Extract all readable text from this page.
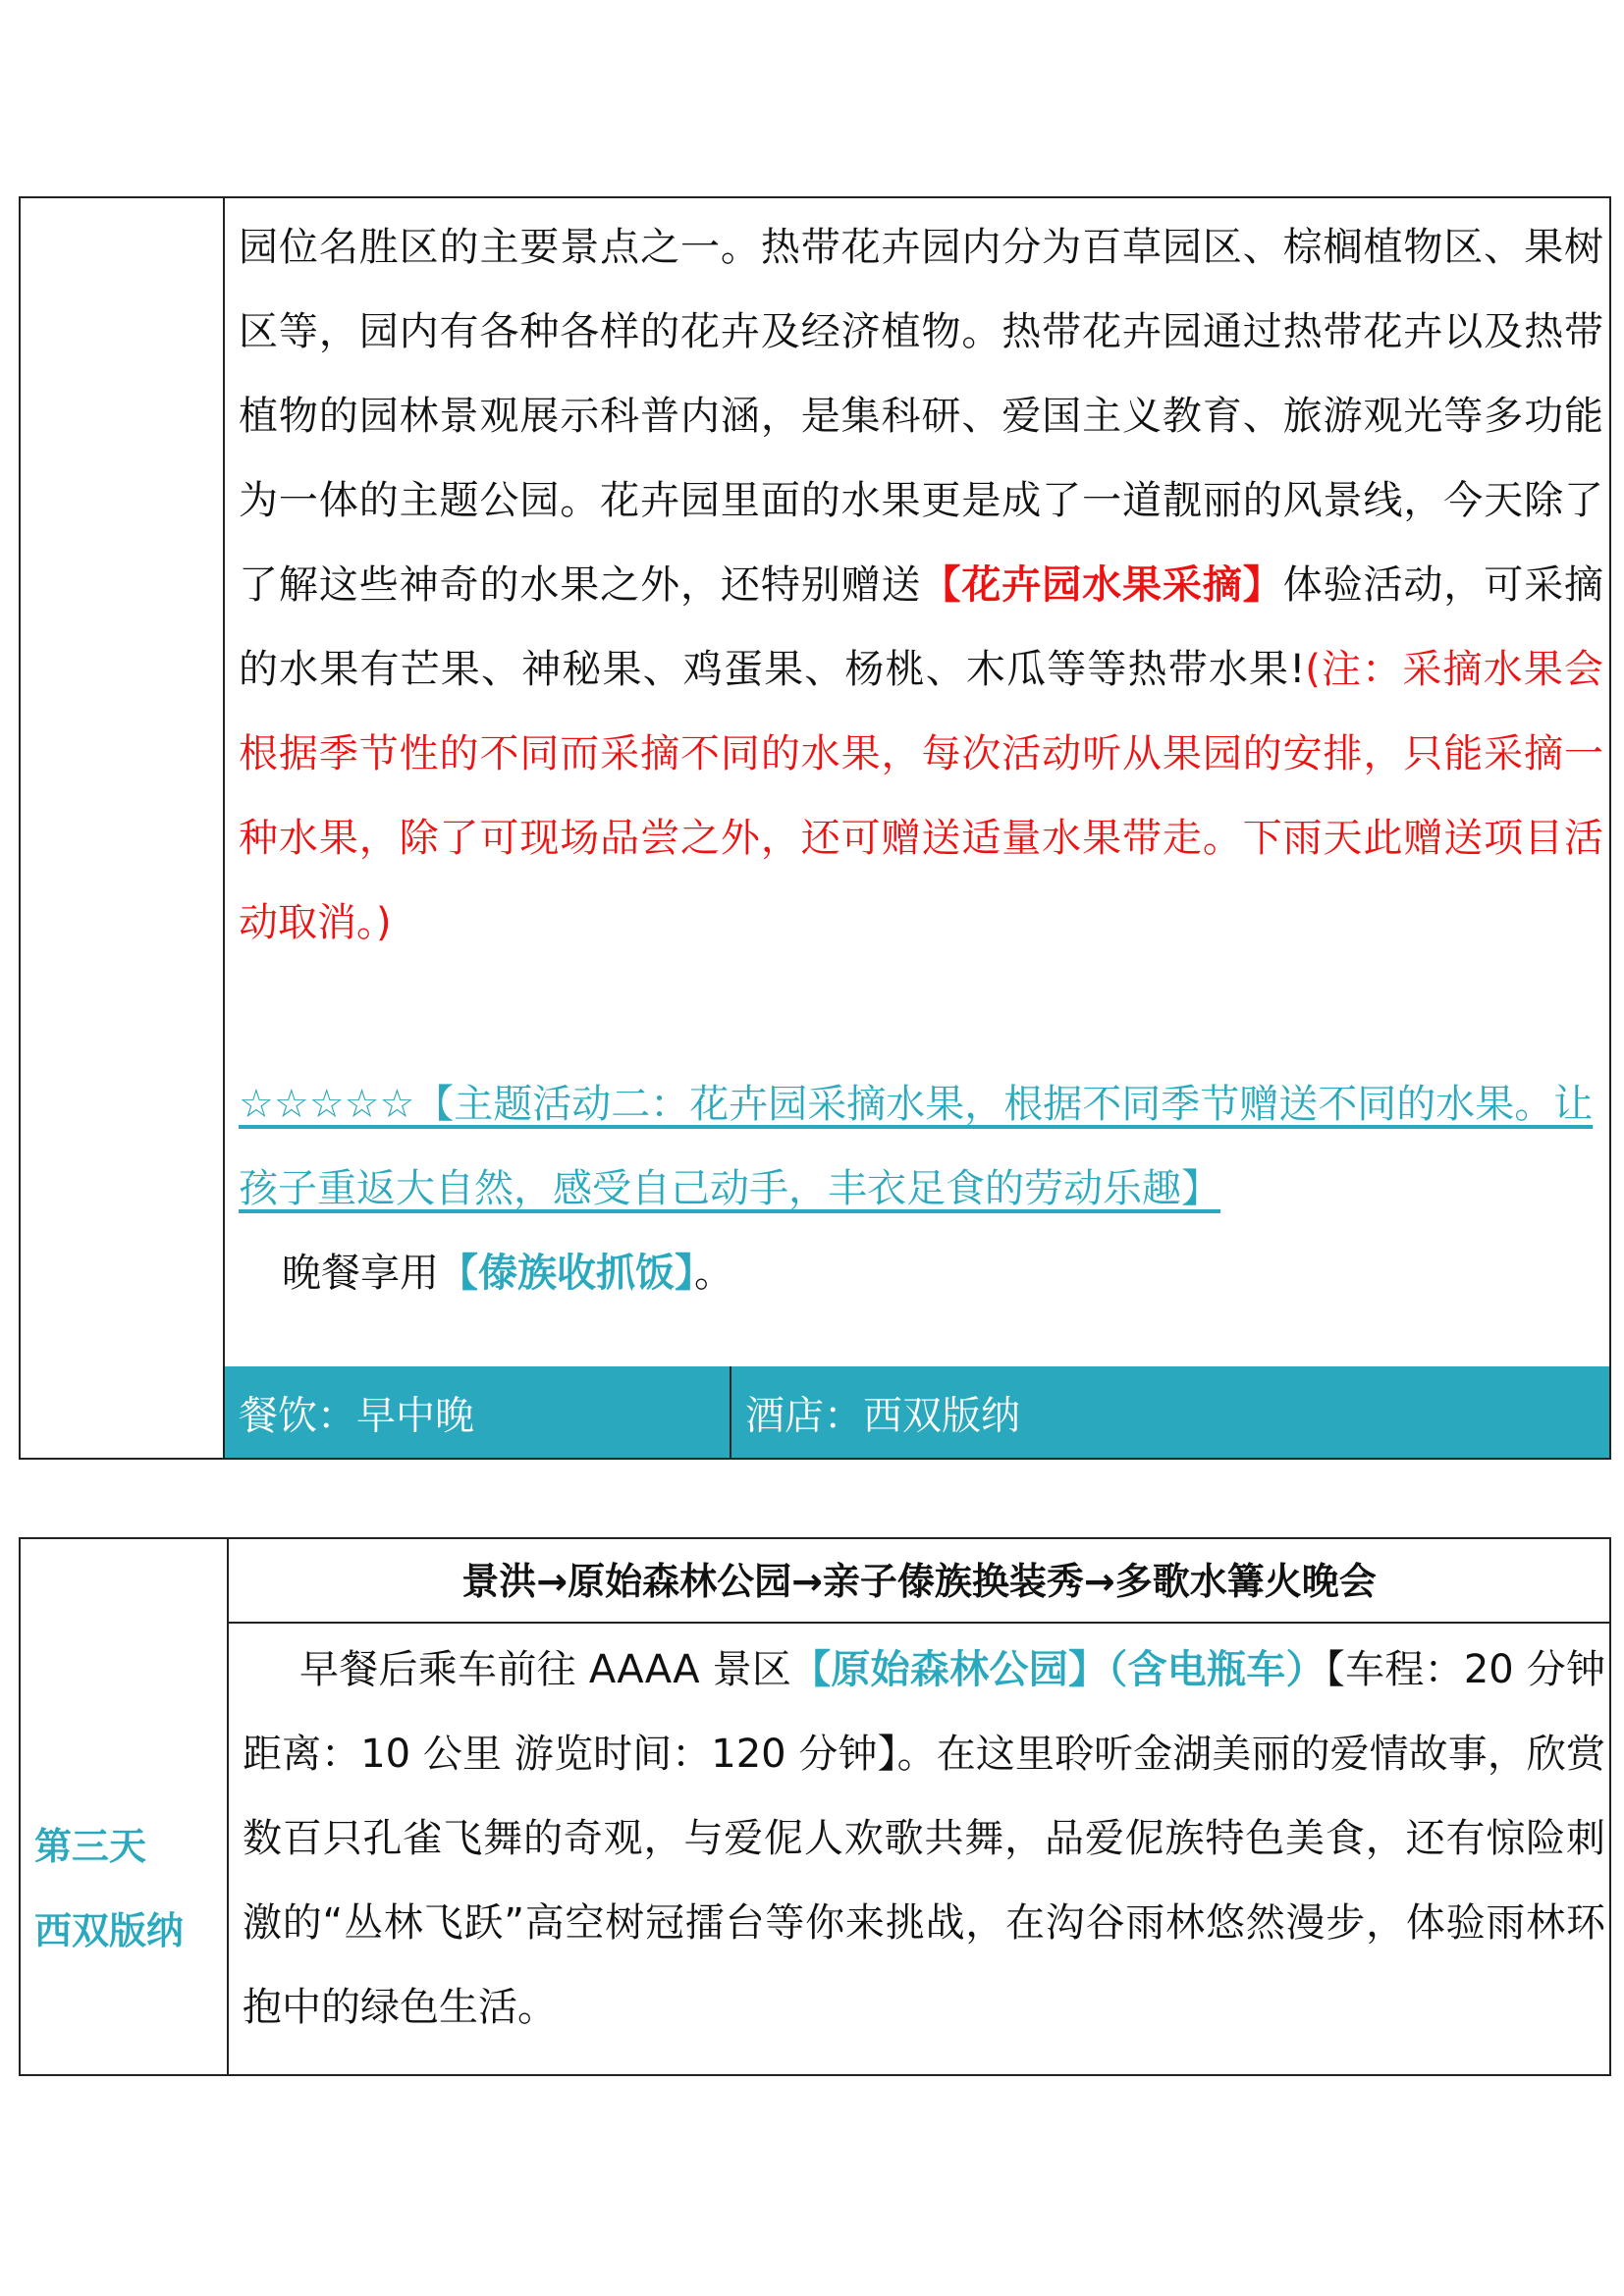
园位名胜区的主要景点之一。热带花卉园内分为百草园区、棕榈植物区、果树区等，园内有各种各样的花卉及经济植物。热带花卉园通过热带花卉以及热带植物的园林景观展示科普内涵，是集科研、爱国主义教育、旅游观光等多功能为一体的主题公园。花卉园里面的水果更是成了一道靓丽的风景线，今天除了了解这些神奇的水果之外，还特别赠送【花卉园水果采摘】体验活动，可采摘的水果有芒果、神秘果、鸡蛋果、杨桃、木瓜等等热带水果!(注：采摘水果会根据季节性的不同而采摘不同的水果，每次活动听从果园的安排，只能采摘一种水果，除了可现场品尝之外，还可赠送适量水果带走。下雨天此赠送项目活动取消。)
☆☆☆☆☆【主题活动二：花卉园采摘水果，根据不同季节赠送不同的水果。让孩子重返大自然，感受自己动手，丰衣足食的劳动乐趣】
晚餐享用【傣族收抓饭】。
餐饮：早中晚	酒店：西双版纳
第三天
西双版纳
景洪→原始森林公园→亲子傣族换装秀→多歌水篝火晚会
早餐后乘车前往 AAAA 景区【原始森林公园】（含电瓶车）【车程：20 分钟 距离：10 公里 游览时间：120 分钟】。在这里聆听金湖美丽的爱情故事，欣赏数百只孔雀飞舞的奇观，与爱伲人欢歌共舞，品爱伲族特色美食，还有惊险刺激的“丛林飞跃”高空树冠擂台等你来挑战，在沟谷雨林悠然漫步，体验雨林环抱中的绿色生活。
